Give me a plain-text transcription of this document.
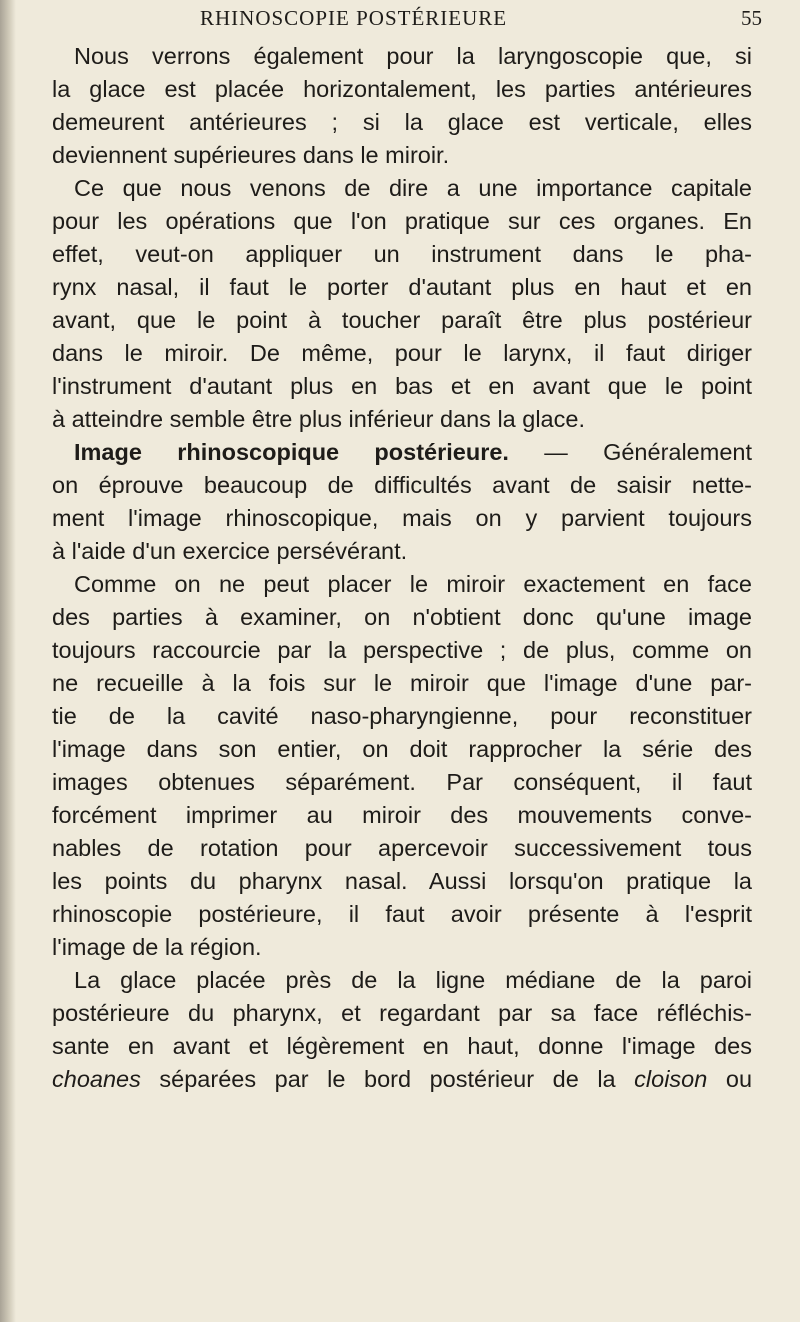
RHINOSCOPIE POSTÉRIEURE	55
Nous verrons également pour la laryngoscopie que, si
la glace est placée horizontalement, les parties antérieures
demeurent antérieures ; si la glace est verticale, elles
deviennent supérieures dans le miroir.
Ce que nous venons de dire a une importance capitale
pour les opérations que l'on pratique sur ces organes. En
effet, veut-on appliquer un instrument dans le pha-
rynx nasal, il faut le porter d'autant plus en haut et en
avant, que le point à toucher paraît être plus postérieur
dans le miroir. De même, pour le larynx, il faut diriger
l'instrument d'autant plus en bas et en avant que le point
à atteindre semble être plus inférieur dans la glace.
Image rhinoscopique postérieure. — Généralement
on éprouve beaucoup de difficultés avant de saisir nette-
ment l'image rhinoscopique, mais on y parvient toujours
à l'aide d'un exercice persévérant.
Comme on ne peut placer le miroir exactement en face
des parties à examiner, on n'obtient donc qu'une image
toujours raccourcie par la perspective ; de plus, comme on
ne recueille à la fois sur le miroir que l'image d'une par-
tie de la cavité naso-pharyngienne, pour reconstituer
l'image dans son entier, on doit rapprocher la série des
images obtenues séparément. Par conséquent, il faut
forcément imprimer au miroir des mouvements conve-
nables de rotation pour apercevoir successivement tous
les points du pharynx nasal. Aussi lorsqu'on pratique la
rhinoscopie postérieure, il faut avoir présente à l'esprit
l'image de la région.
La glace placée près de la ligne médiane de la paroi
postérieure du pharynx, et regardant par sa face réfléchis-
sante en avant et légèrement en haut, donne l'image des
choanes séparées par le bord postérieur de la cloison ou
